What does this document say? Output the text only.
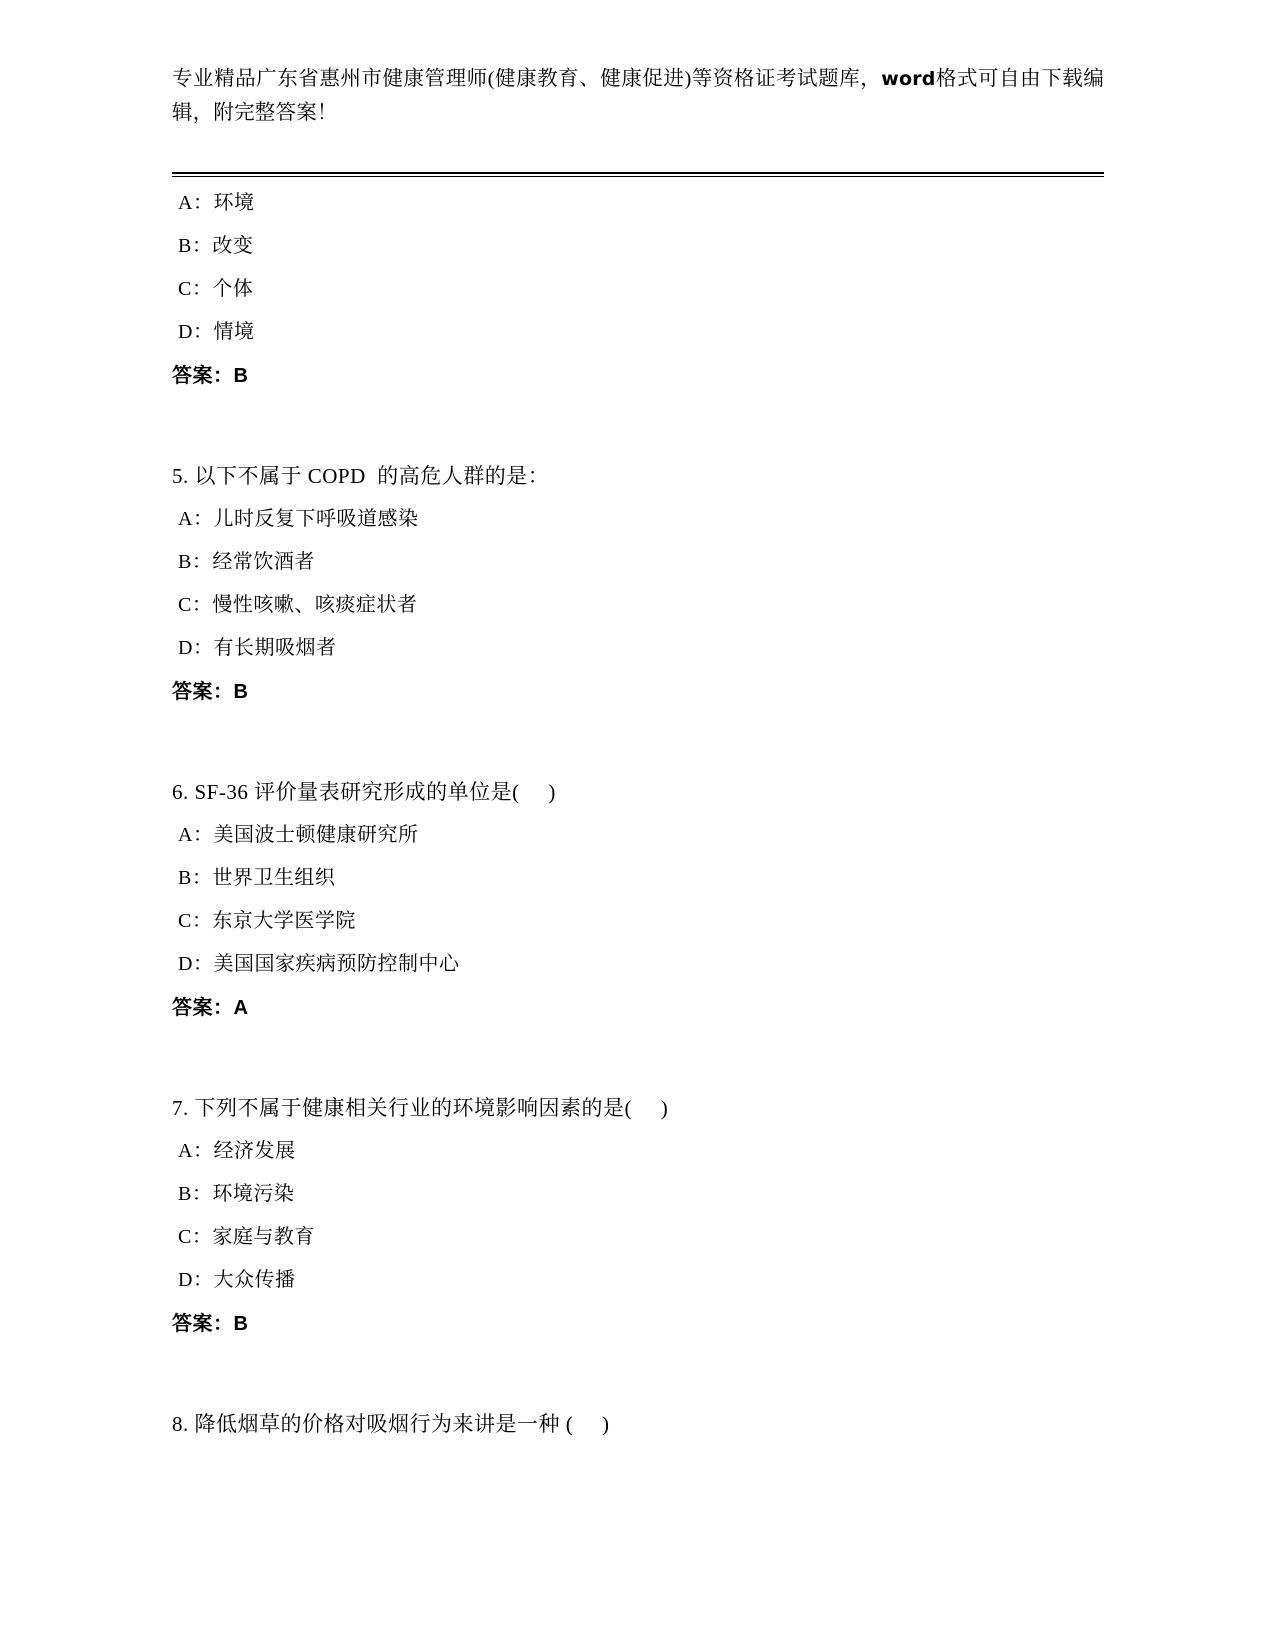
专业精品广东省惠州市健康管理师(健康教育、健康促进)等资格证考试题库，word格式可自由下载编辑，附完整答案！
A：环境
B：改变
C：个体
D：情境
答案：B
5. 以下不属于 COPD  的高危人群的是：
A：儿时反复下呼吸道感染
B：经常饮酒者
C：慢性咳嗽、咳痰症状者
D：有长期吸烟者
答案：B
6. SF-36 评价量表研究形成的单位是(     )
A：美国波士顿健康研究所
B：世界卫生组织
C：东京大学医学院
D：美国国家疾病预防控制中心
答案：A
7. 下列不属于健康相关行业的环境影响因素的是(     )
A：经济发展
B：环境污染
C：家庭与教育
D：大众传播
答案：B
8. 降低烟草的价格对吸烟行为来讲是一种 (     )
